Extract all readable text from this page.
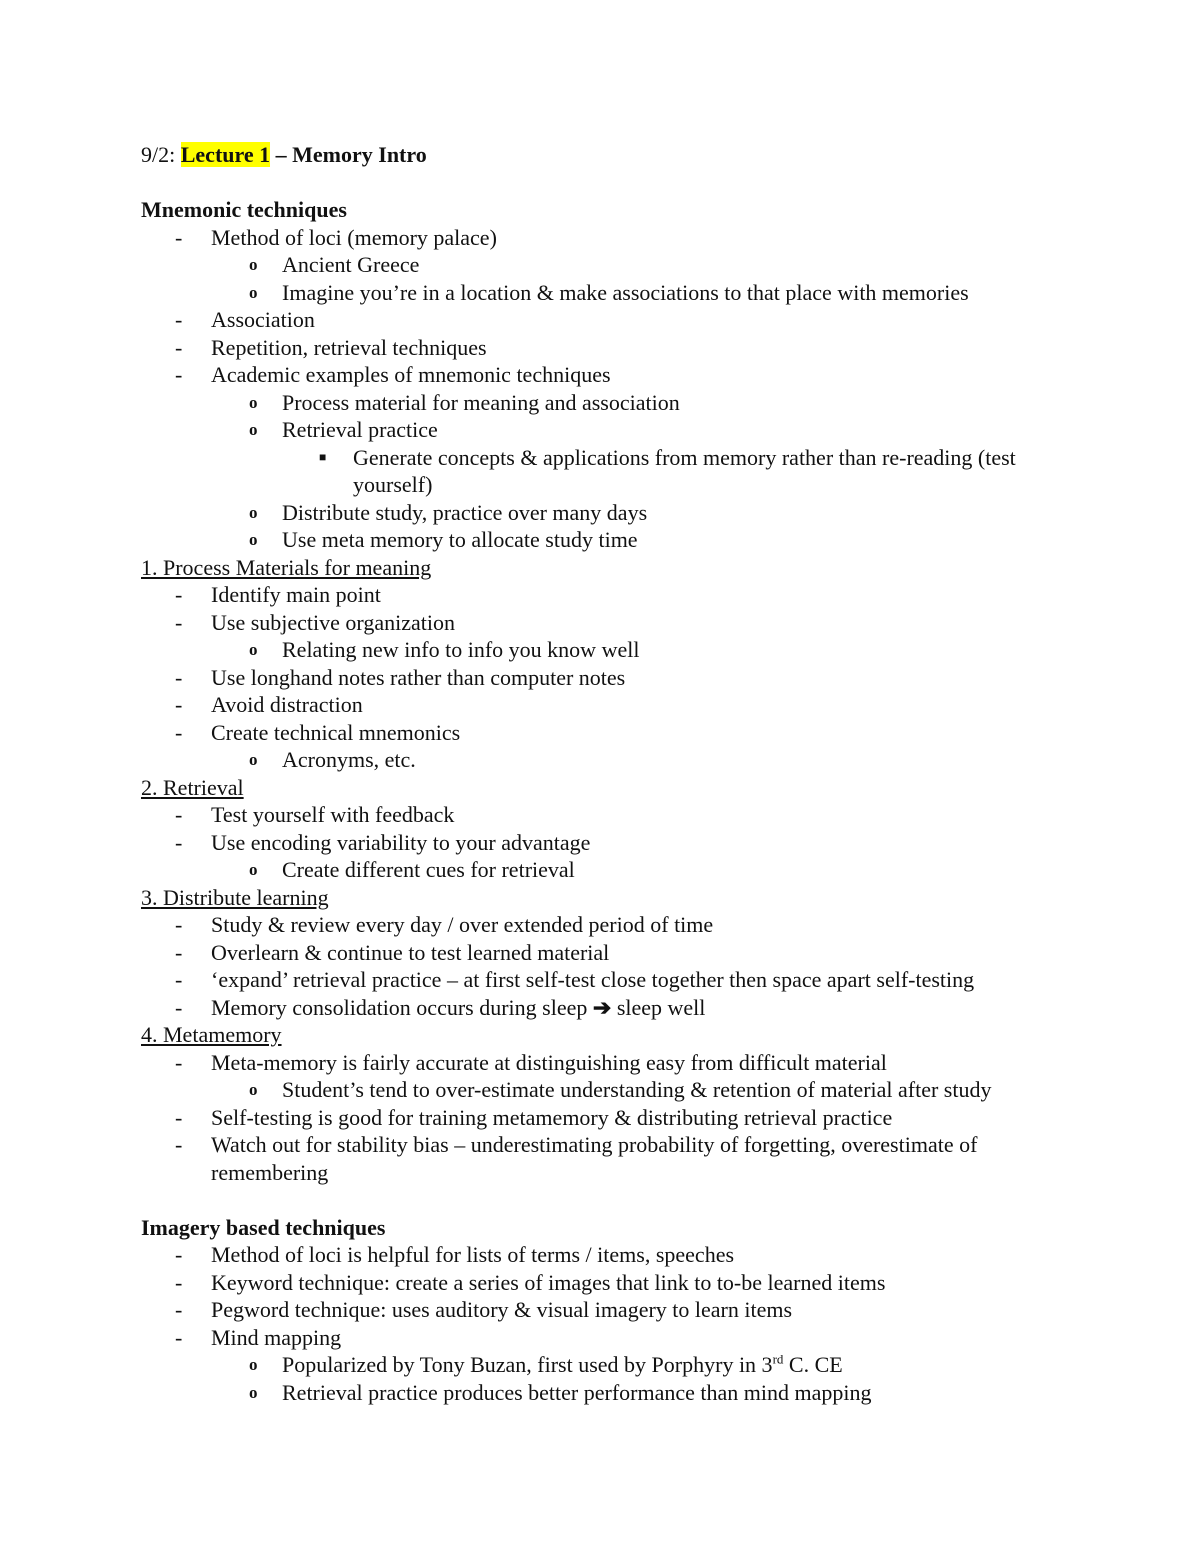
9/2: Lecture 1 – Memory Intro
Mnemonic techniques
-	Method of loci (memory palace)
o	Ancient Greece
o	Imagine you’re in a location & make associations to that place with memories
-	Association
-	Repetition, retrieval techniques
-	Academic examples of mnemonic techniques
o	Process material for meaning and association
o	Retrieval practice
■	Generate concepts & applications from memory rather than re-reading (test yourself)
o	Distribute study, practice over many days
o	Use meta memory to allocate study time
1. Process Materials for meaning
-	Identify main point
-	Use subjective organization
o	Relating new info to info you know well
-	Use longhand notes rather than computer notes
-	Avoid distraction
-	Create technical mnemonics
o	Acronyms, etc.
2. Retrieval
-	Test yourself with feedback
-	Use encoding variability to your advantage
o	Create different cues for retrieval
3. Distribute learning
-	Study & review every day / over extended period of time
-	Overlearn & continue to test learned material
-	‘expand’ retrieval practice – at first self-test close together then space apart self-testing
-	Memory consolidation occurs during sleep ➔ sleep well
4. Metamemory
-	Meta-memory is fairly accurate at distinguishing easy from difficult material
o	Student’s tend to over-estimate understanding & retention of material after study
-	Self-testing is good for training metamemory & distributing retrieval practice
-	Watch out for stability bias – underestimating probability of forgetting, overestimate of remembering
Imagery based techniques
-	Method of loci is helpful for lists of terms / items, speeches
-	Keyword technique: create a series of images that link to to-be learned items
-	Pegword technique: uses auditory & visual imagery to learn items
-	Mind mapping
o	Popularized by Tony Buzan, first used by Porphyry in 3rd C. CE
o	Retrieval practice produces better performance than mind mapping
